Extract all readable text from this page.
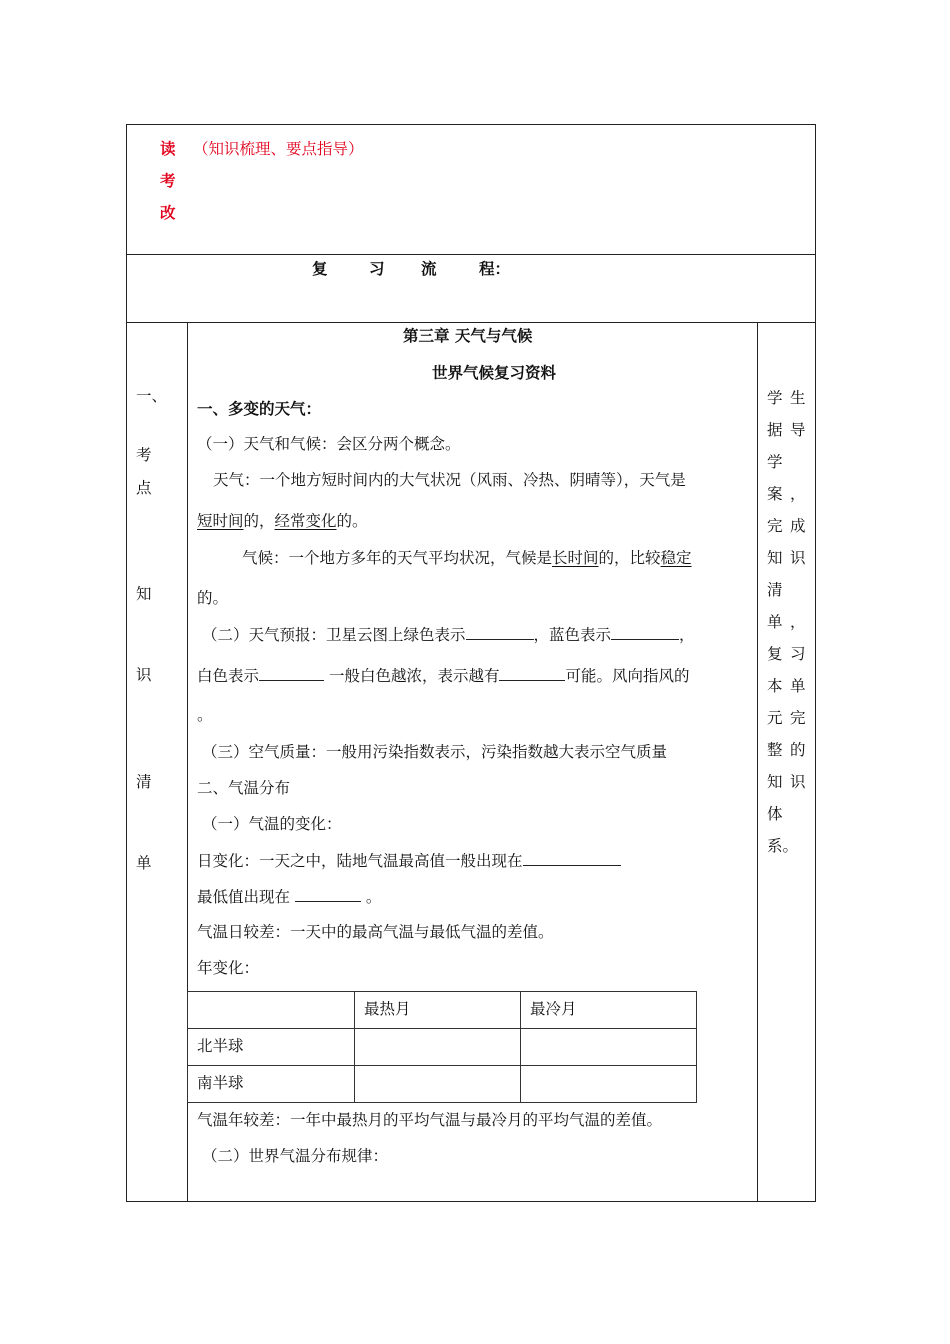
读
考
改
（知识梳理、要点指导）
复	习 流	程：
一、
考
点
知
识
清
单
学 生
据 导
学
案 ，
完 成
知 识
清
单 ，
复 习
本 单
元 完
整 的
知 识
体
系。
第三章 天气与气候
世界气候复习资料
一、多变的天气：
（一）天气和气候：会区分两个概念。
天气：一个地方短时间内的大气状况（风雨、冷热、阴晴等），天气是
短时间的，经常变化的。
气候：一个地方多年的天气平均状况，气候是长时间的，比较稳定
的。
（二）天气预报：卫星云图上绿色表示	，蓝色表示	，
白色表示	一般白色越浓，表示越有	可能。风向指风的
。
（三）空气质量：一般用污染指数表示，污染指数越大表示空气质量
二、气温分布
（一）气温的变化：
日变化：一天之中，陆地气温最高值一般出现在
最低值出现在	。
气温日较差：一天中的最高气温与最低气温的差值。
年变化：
	最热月	最冷月
北半球		
南半球		
气温年较差：一年中最热月的平均气温与最冷月的平均气温的差值。
（二）世界气温分布规律：
